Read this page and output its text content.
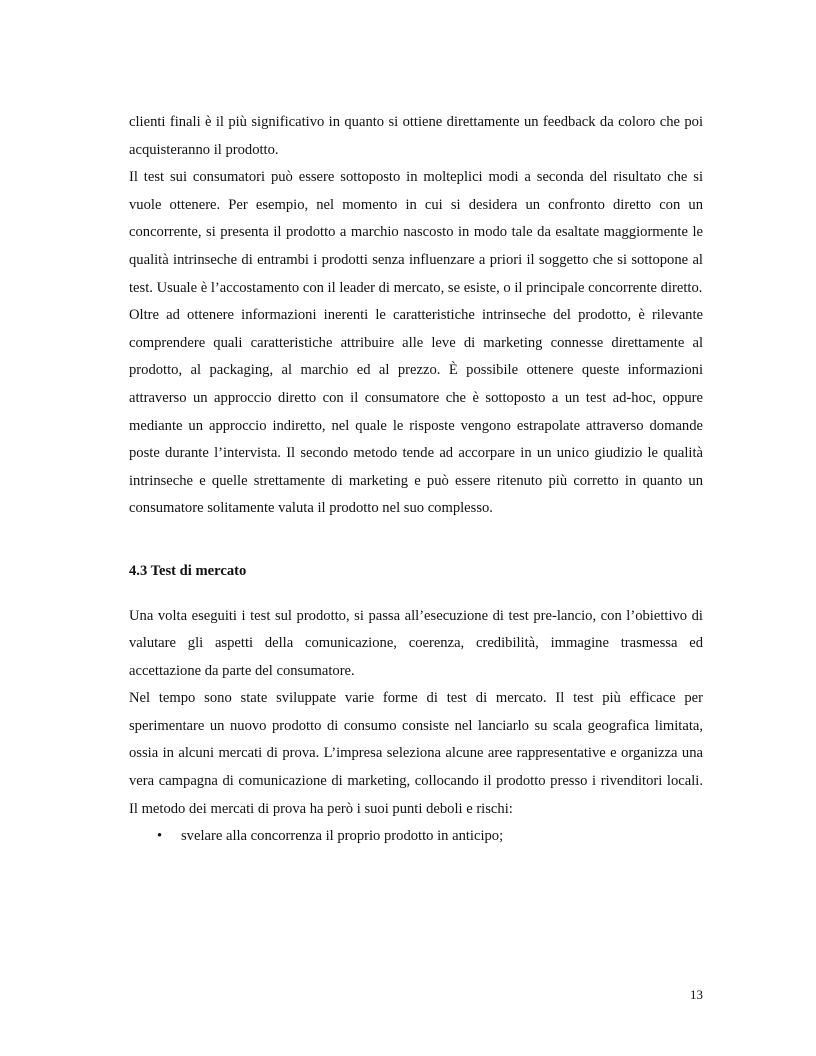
clienti finali è il più significativo in quanto si ottiene direttamente un feedback da coloro che poi acquisteranno il prodotto.

Il test sui consumatori può essere sottoposto in molteplici modi a seconda del risultato che si vuole ottenere. Per esempio, nel momento in cui si desidera un confronto diretto con un concorrente, si presenta il prodotto a marchio nascosto in modo tale da esaltate maggiormente le qualità intrinseche di entrambi i prodotti senza influenzare a priori il soggetto che si sottopone al test. Usuale è l’accostamento con il leader di mercato, se esiste, o il principale concorrente diretto.

Oltre ad ottenere informazioni inerenti le caratteristiche intrinseche del prodotto, è rilevante comprendere quali caratteristiche attribuire alle leve di marketing connesse direttamente al prodotto, al packaging, al marchio ed al prezzo. È possibile ottenere queste informazioni attraverso un approccio diretto con il consumatore che è sottoposto a un test ad-hoc, oppure mediante un approccio indiretto, nel quale le risposte vengono estrapolate attraverso domande poste durante l’intervista. Il secondo metodo tende ad accorpare in un unico giudizio le qualità intrinseche e quelle strettamente di marketing e può essere ritenuto più corretto in quanto un consumatore solitamente valuta il prodotto nel suo complesso.

4.3 Test di mercato

Una volta eseguiti i test sul prodotto, si passa all’esecuzione di test pre-lancio, con l’obiettivo di valutare gli aspetti della comunicazione, coerenza, credibilità, immagine trasmessa ed accettazione da parte del consumatore.

Nel tempo sono state sviluppate varie forme di test di mercato. Il test più efficace per sperimentare un nuovo prodotto di consumo consiste nel lanciarlo su scala geografica limitata, ossia in alcuni mercati di prova. L’impresa seleziona alcune aree rappresentative e organizza una vera campagna di comunicazione di marketing, collocando il prodotto presso i rivenditori locali. Il metodo dei mercati di prova ha però i suoi punti deboli e rischi:

• svelare alla concorrenza il proprio prodotto in anticipo;
13
